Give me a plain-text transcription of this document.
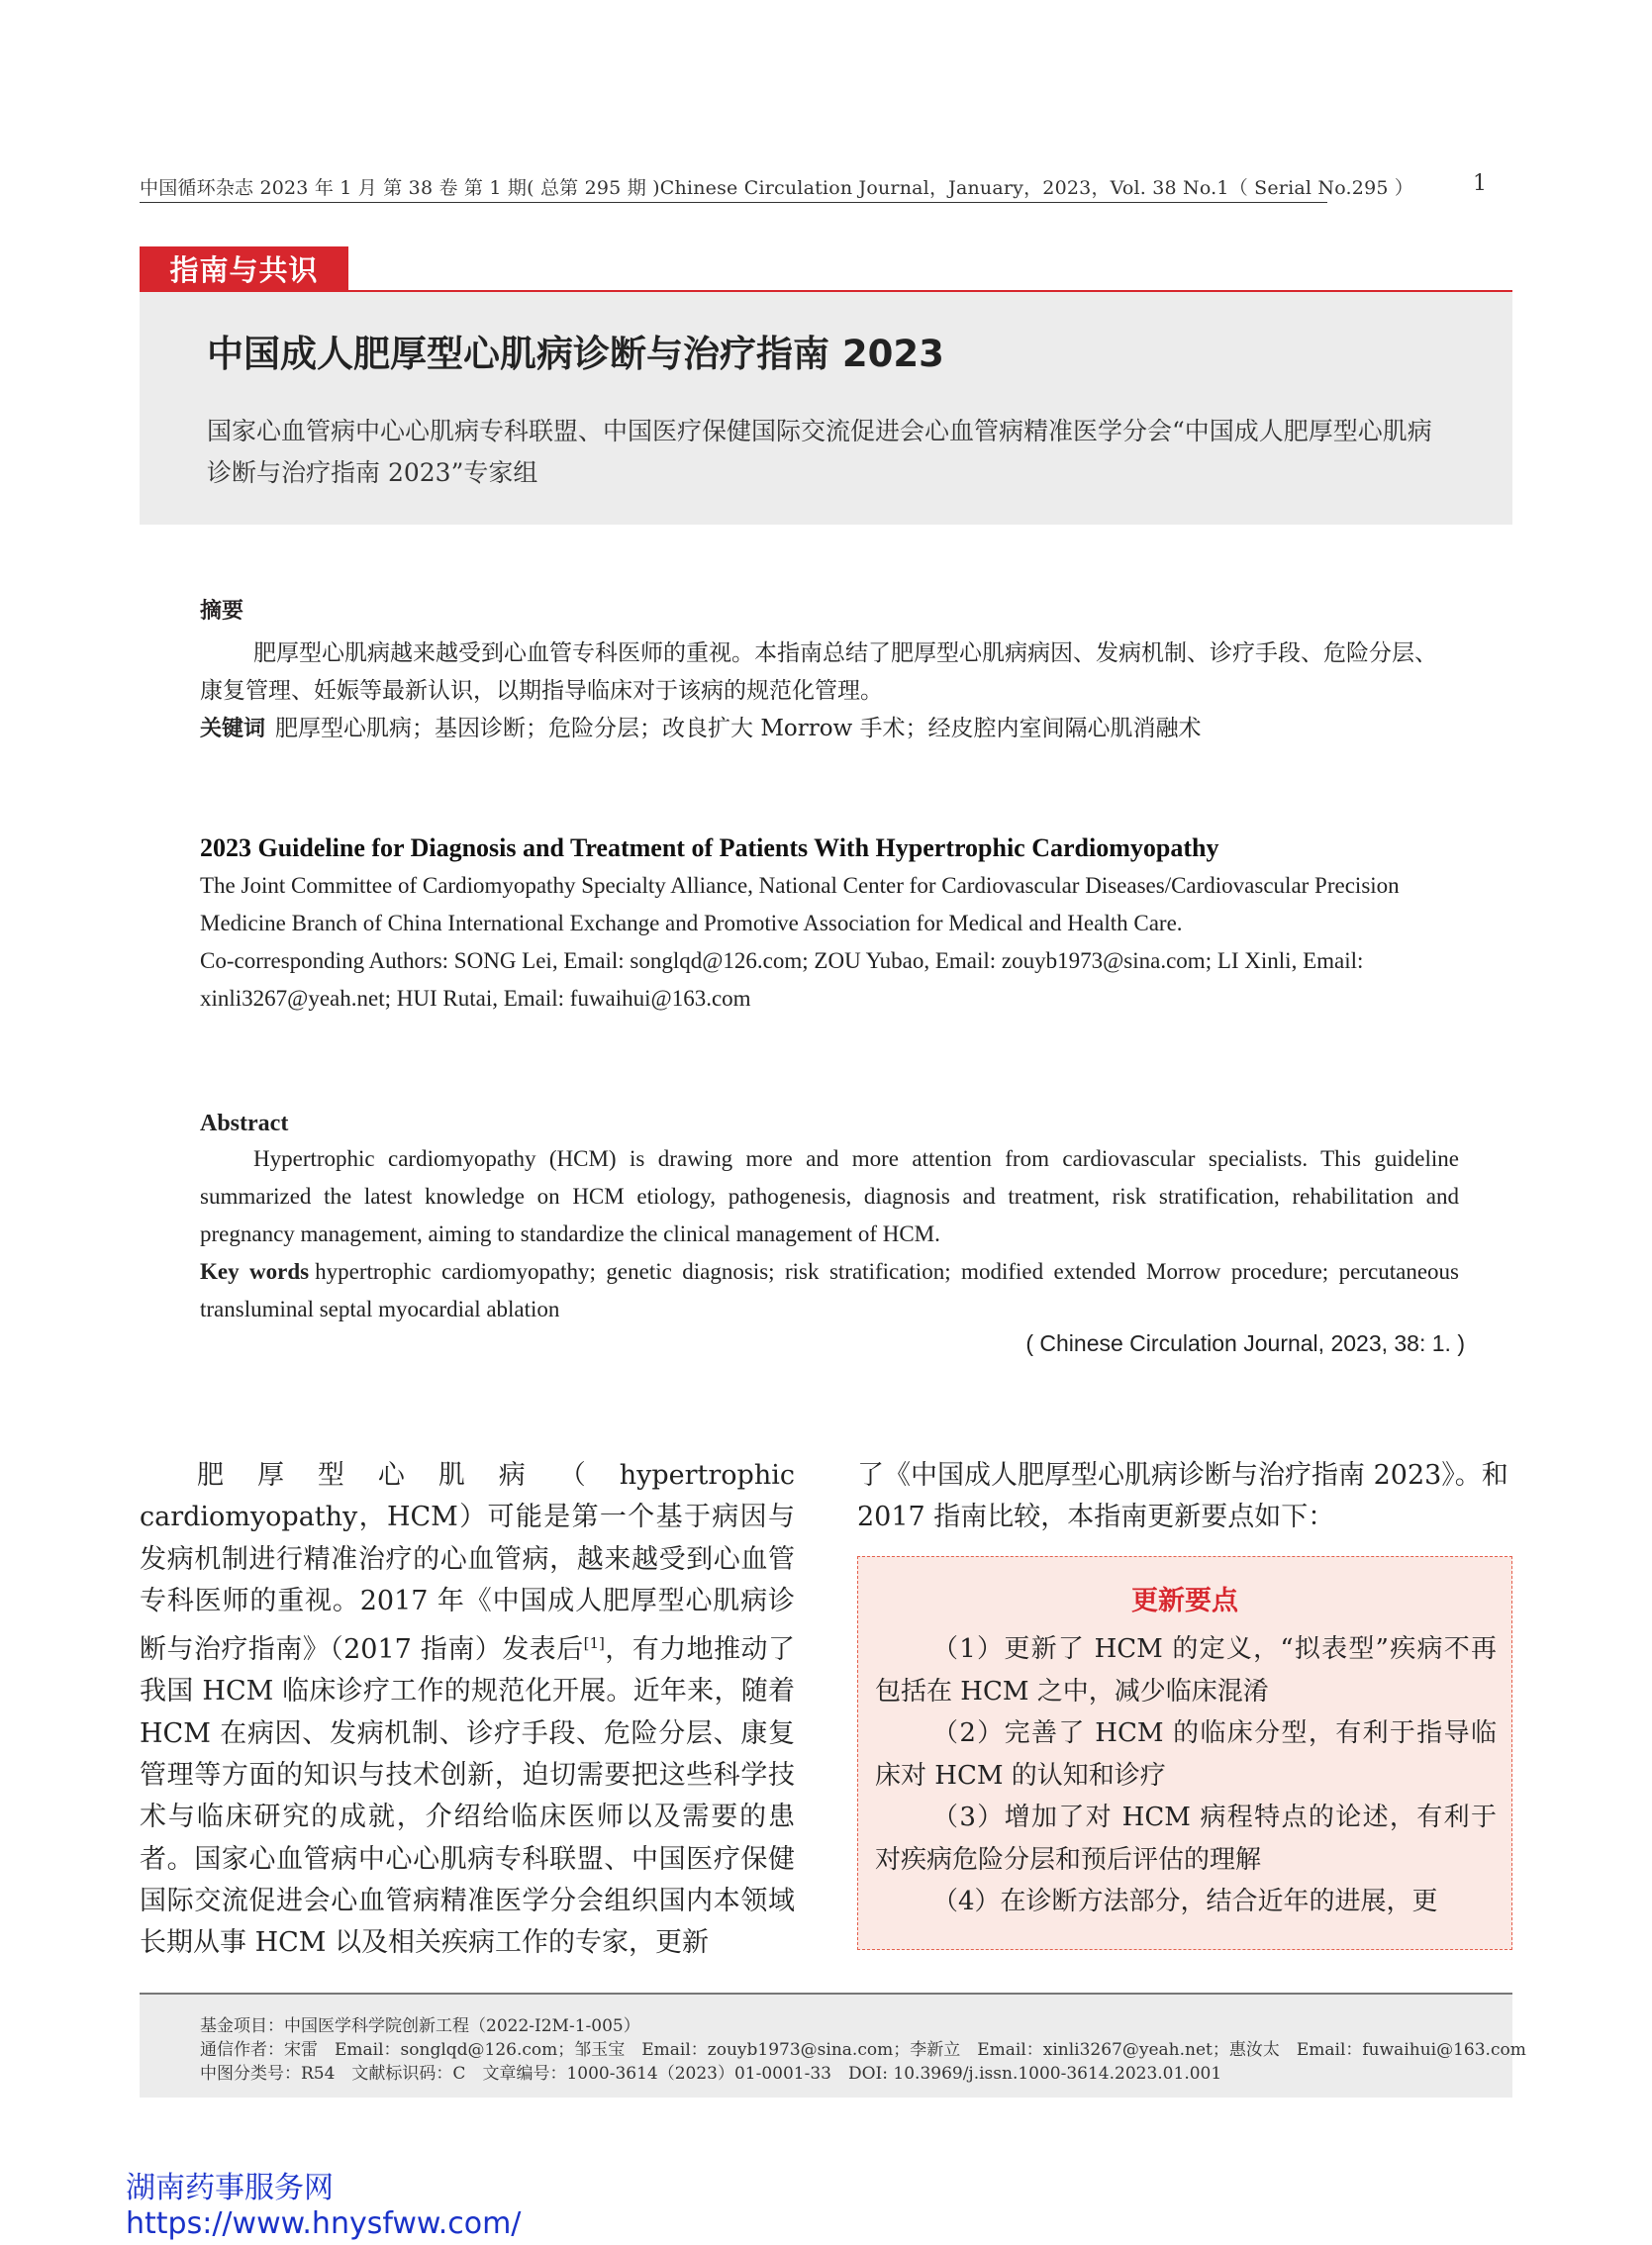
中国循环杂志 2023 年 1 月 第 38 卷 第 1 期( 总第 295 期 )Chinese Circulation Journal，January，2023，Vol. 38 No.1（ Serial No.295 ）	1
指南与共识
中国成人肥厚型心肌病诊断与治疗指南 2023
国家心血管病中心心肌病专科联盟、中国医疗保健国际交流促进会心血管病精准医学分会“中国成人肥厚型心肌病诊断与治疗指南 2023”专家组
摘要

肥厚型心肌病越来越受到心血管专科医师的重视。本指南总结了肥厚型心肌病病因、发病机制、诊疗手段、危险分层、康复管理、妊娠等最新认识，以期指导临床对于该病的规范化管理。

关键词 肥厚型心肌病；基因诊断；危险分层；改良扩大 Morrow 手术；经皮腔内室间隔心肌消融术

2023 Guideline for Diagnosis and Treatment of Patients With Hypertrophic Cardiomyopathy

The Joint Committee of Cardiomyopathy Specialty Alliance, National Center for Cardiovascular Diseases/Cardiovascular Precision Medicine Branch of China International Exchange and Promotive Association for Medical and Health Care.

Co-corresponding Authors: SONG Lei, Email: songlqd@126.com; ZOU Yubao, Email: zouyb1973@sina.com; LI Xinli, Email: xinli3267@yeah.net; HUI Rutai, Email: fuwaihui@163.com

Abstract

Hypertrophic cardiomyopathy (HCM) is drawing more and more attention from cardiovascular specialists. This guideline summarized the latest knowledge on HCM etiology, pathogenesis, diagnosis and treatment, risk stratification, rehabilitation and pregnancy management, aiming to standardize the clinical management of HCM.

Key words hypertrophic cardiomyopathy; genetic diagnosis; risk stratification; modified extended Morrow procedure; percutaneous transluminal septal myocardial ablation

( Chinese Circulation Journal, 2023, 38: 1. )
肥厚型心肌病（hypertrophic cardiomyopathy，HCM）可能是第一个基于病因与发病机制进行精准治疗的心血管病，越来越受到心血管专科医师的重视。2017 年《中国成人肥厚型心肌病诊断与治疗指南》（2017 指南）发表后[1]，有力地推动了我国 HCM 临床诊疗工作的规范化开展。近年来，随着 HCM 在病因、发病机制、诊疗手段、危险分层、康复管理等方面的知识与技术创新，迫切需要把这些科学技术与临床研究的成就，介绍给临床医师以及需要的患者。国家心血管病中心心肌病专科联盟、中国医疗保健国际交流促进会心血管病精准医学分会组织国内本领域长期从事 HCM 以及相关疾病工作的专家，更新
了《中国成人肥厚型心肌病诊断与治疗指南 2023》。和 2017 指南比较，本指南更新要点如下：
更新要点

（1）更新了 HCM 的定义，“拟表型”疾病不再包括在 HCM 之中，减少临床混淆

（2）完善了 HCM 的临床分型，有利于指导临床对 HCM 的认知和诊疗

（3）增加了对 HCM 病程特点的论述，有利于对疾病危险分层和预后评估的理解

（4）在诊断方法部分，结合近年的进展，更

基金项目：中国医学科学院创新工程（2022-I2M-1-005）

通信作者：宋雷　Email：songlqd@126.com；邹玉宝　Email：zouyb1973@sina.com；李新立　Email：xinli3267@yeah.net；惠汝太　Email：fuwaihui@163.com

中图分类号：R54　文献标识码：C　文章编号：1000-3614（2023）01-0001-33　DOI: 10.3969/j.issn.1000-3614.2023.01.001

湖南药事服务网
https://www.hnysfww.com/
